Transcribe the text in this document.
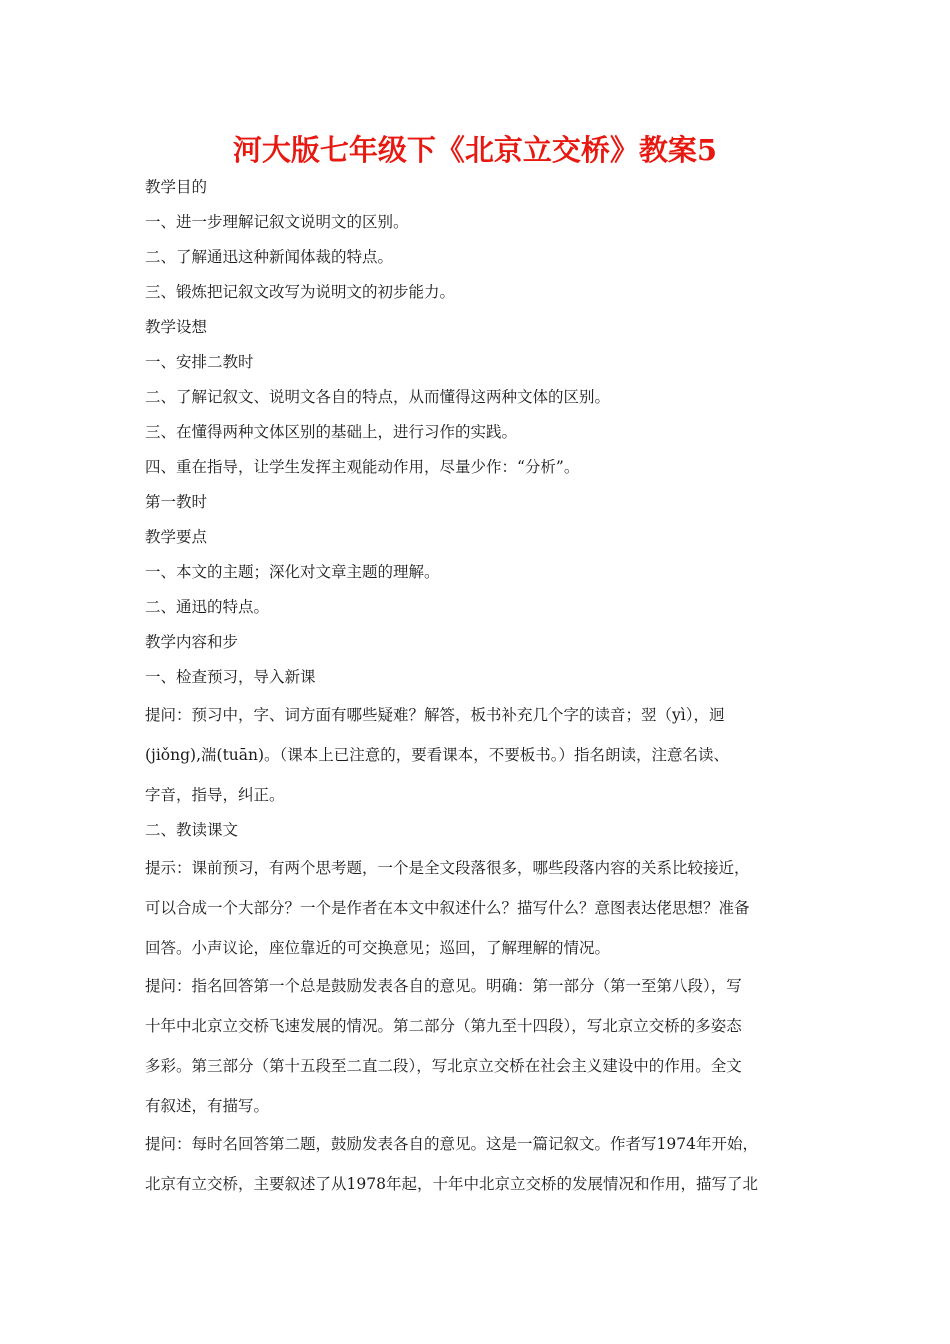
河大版七年级下《北京立交桥》教案5

教学目的

一、进一步理解记叙文说明文的区别。

二、了解通迅这种新闻体裁的特点。

三、锻炼把记叙文改写为说明文的初步能力。

教学设想

一、安排二教时

二、了解记叙文、说明文各自的特点，从而懂得这两种文体的区别。

三、在懂得两种文体区别的基础上，进行习作的实践。

四、重在指导，让学生发挥主观能动作用，尽量少作：“分析”。

第一教时

教学要点

一、本文的主题；深化对文章主题的理解。

二、通迅的特点。

教学内容和步

一、检查预习，导入新课

提问：预习中，字、词方面有哪些疑难？解答，板书补充几个字的读音；翌（yì），迥
(jiǒng),湍(tuān)。（课本上已注意的，要看课本，不要板书。）指名朗读，注意名读、
字音，指导，纠正。

二、教读课文

提示：课前预习，有两个思考题，一个是全文段落很多，哪些段落内容的关系比较接近，
可以合成一个大部分？一个是作者在本文中叙述什么？描写什么？意图表达佬思想？准备
回答。小声议论，座位靠近的可交换意见；巡回，了解理解的情况。
提问：指名回答第一个总是鼓励发表各自的意见。明确：第一部分（第一至第八段），写
十年中北京立交桥飞速发展的情况。第二部分（第九至十四段），写北京立交桥的多姿态
多彩。第三部分（第十五段至二直二段），写北京立交桥在社会主义建设中的作用。全文
有叙述，有描写。
提问：每时名回答第二题，鼓励发表各自的意见。这是一篇记叙文。作者写1974年开始，
北京有立交桥，主要叙述了从1978年起，十年中北京立交桥的发展情况和作用，描写了北
